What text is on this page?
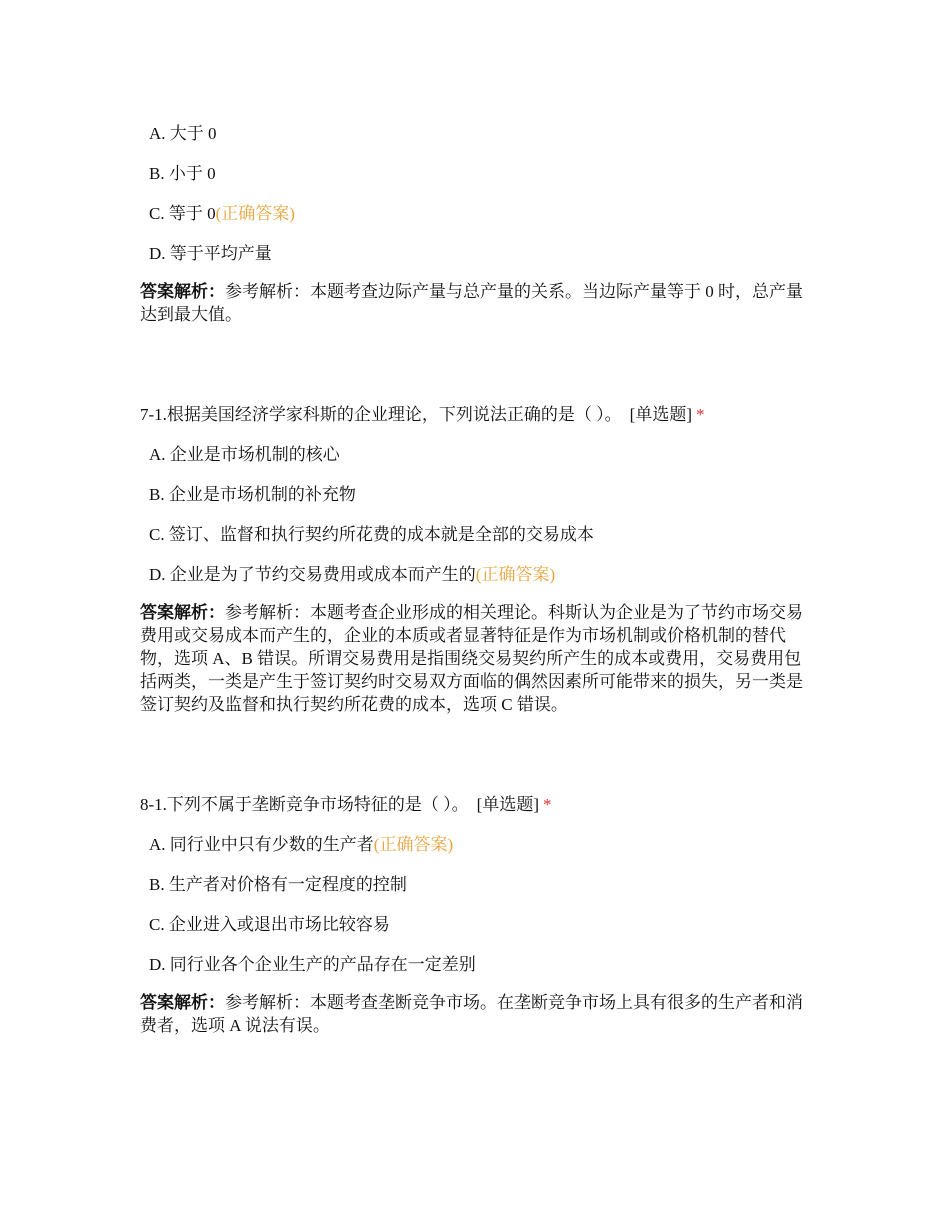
A. 大于 0
B. 小于 0
C. 等于 0(正确答案)
D. 等于平均产量
答案解析：参考解析：本题考查边际产量与总产量的关系。当边际产量等于 0 时，总产量达到最大值。
7-1.根据美国经济学家科斯的企业理论，下列说法正确的是（ ）。 [单选题] *
A. 企业是市场机制的核心
B. 企业是市场机制的补充物
C. 签订、监督和执行契约所花费的成本就是全部的交易成本
D. 企业是为了节约交易费用或成本而产生的(正确答案)
答案解析：参考解析：本题考查企业形成的相关理论。科斯认为企业是为了节约市场交易费用或交易成本而产生的，企业的本质或者显著特征是作为市场机制或价格机制的替代物，选项 A、B 错误。所谓交易费用是指围绕交易契约所产生的成本或费用，交易费用包括两类，一类是产生于签订契约时交易双方面临的偶然因素所可能带来的损失，另一类是签订契约及监督和执行契约所花费的成本，选项 C 错误。
8-1.下列不属于垄断竞争市场特征的是（ ）。 [单选题] *
A. 同行业中只有少数的生产者(正确答案)
B. 生产者对价格有一定程度的控制
C. 企业进入或退出市场比较容易
D. 同行业各个企业生产的产品存在一定差别
答案解析：参考解析：本题考查垄断竞争市场。在垄断竞争市场上具有很多的生产者和消费者，选项 A 说法有误。
